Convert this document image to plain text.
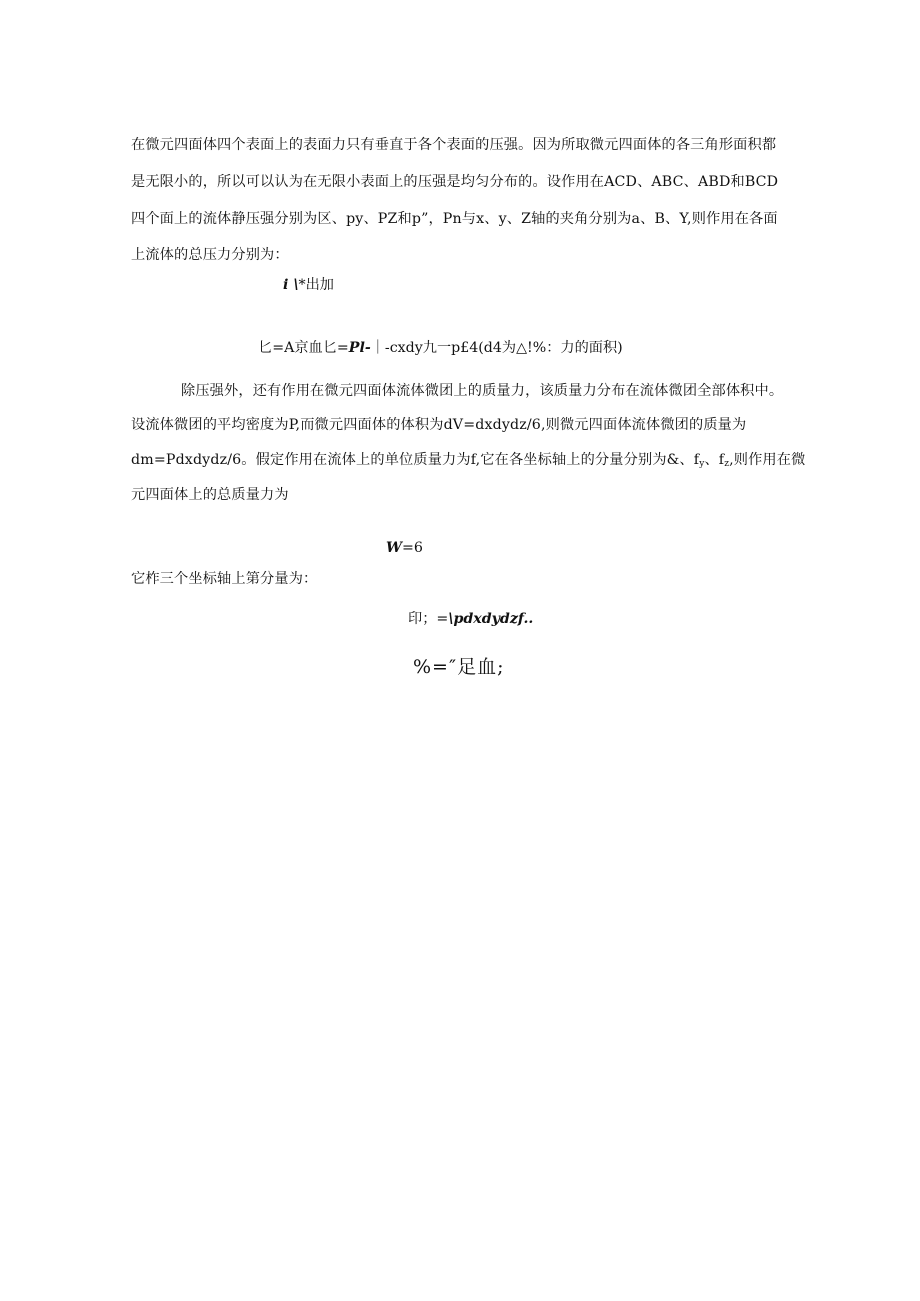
在微元四面体四个表面上的表面力只有垂直于各个表面的压强。因为所取微元四面体的各三角形面积都
是无限小的，所以可以认为在无限小表面上的压强是均匀分布的。设作用在ACD、ABC、ABD和BCD
四个面上的流体静压强分别为区、py、PZ和p”，Pn与x、y、Z轴的夹角分别为a、B、Y,则作用在各面
上流体的总压力分别为：
i \*出加
匕=A京血匕=Pl-｜-cxdy九一p£4(d4为△!%：力的面积)
除压强外，还有作用在微元四面体流体微团上的质量力，该质量力分布在流体微团全部体积中。
设流体微团的平均密度为P,而微元四面体的体积为dV=dxdydz/6,则微元四面体流体微团的质量为
dm=Pdxdydz/6。假定作用在流体上的单位质量力为f,它在各坐标轴上的分量分别为&、$f_y$、$f_z$,则作用在微
元四面体上的总质量力为
W=6
它柞三个坐标轴上第分量为：
印；=\pdxdydzf..
%=″足血;
